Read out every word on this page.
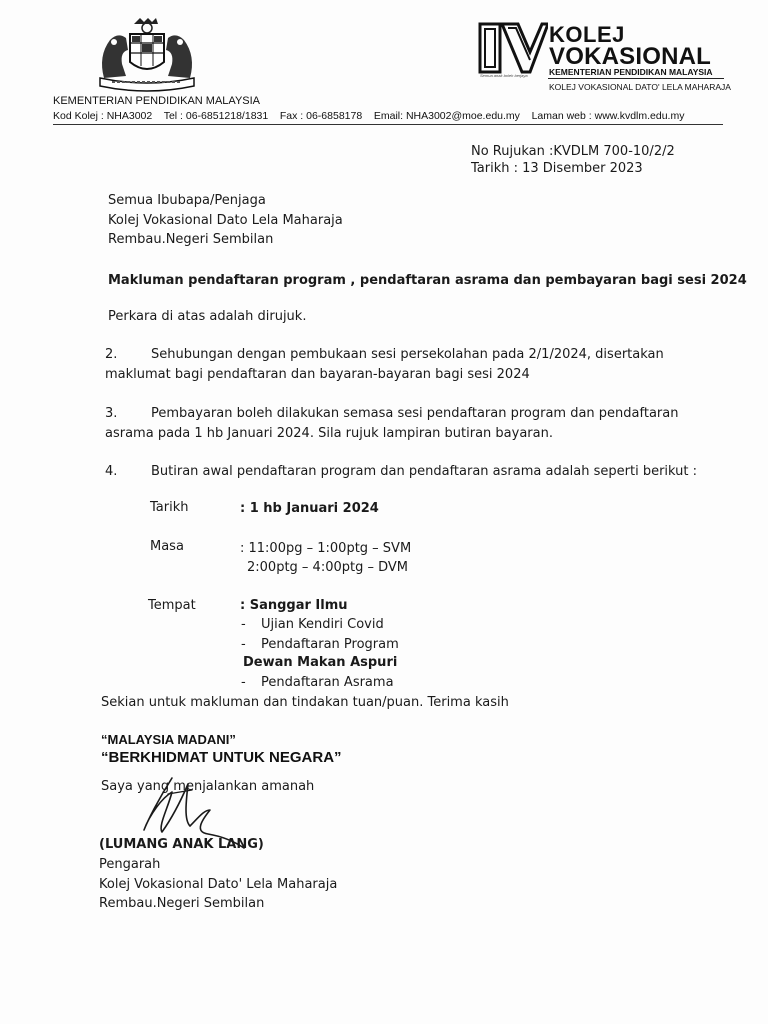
Semua anak boleh berjaya
KOLEJ
VOKASIONAL
KEMENTERIAN PENDIDIKAN MALAYSIA
KOLEJ VOKASIONAL DATO' LELA MAHARAJA
KEMENTERIAN PENDIDIKAN MALAYSIA
Kod Kolej : NHA3002    Tel : 06-6851218/1831    Fax : 06-6858178    Email: NHA3002@moe.edu.my    Laman web : www.kvdlm.edu.my
No Rujukan :KVDLM 700-10/2/2
Tarikh : 13 Disember 2023
Semua Ibubapa/Penjaga
Kolej Vokasional Dato Lela Maharaja
Rembau.Negeri Sembilan
Makluman pendaftaran program , pendaftaran asrama dan pembayaran bagi sesi 2024
Perkara di atas adalah dirujuk.
2.	Sehubungan dengan pembukaan sesi persekolahan pada 2/1/2024, disertakan
maklumat bagi pendaftaran dan bayaran-bayaran bagi sesi 2024
3.	Pembayaran boleh dilakukan semasa sesi pendaftaran program dan pendaftaran
asrama pada 1 hb Januari 2024. Sila rujuk lampiran butiran bayaran.
4.	Butiran awal pendaftaran program dan pendaftaran asrama adalah seperti berikut :
Tarikh	: 1 hb Januari 2024
Masa	: 11:00pg – 1:00ptg – SVM
2:00ptg – 4:00ptg – DVM
Tempat	: Sanggar Ilmu
- Ujian Kendiri Covid
- Pendaftaran Program
Dewan Makan Aspuri
- Pendaftaran Asrama
Sekian untuk makluman dan tindakan tuan/puan. Terima kasih
“MALAYSIA MADANI”
“BERKHIDMAT UNTUK NEGARA”
Saya yang menjalankan amanah
(LUMANG ANAK LANG)
Pengarah
Kolej Vokasional Dato' Lela Maharaja
Rembau.Negeri Sembilan
